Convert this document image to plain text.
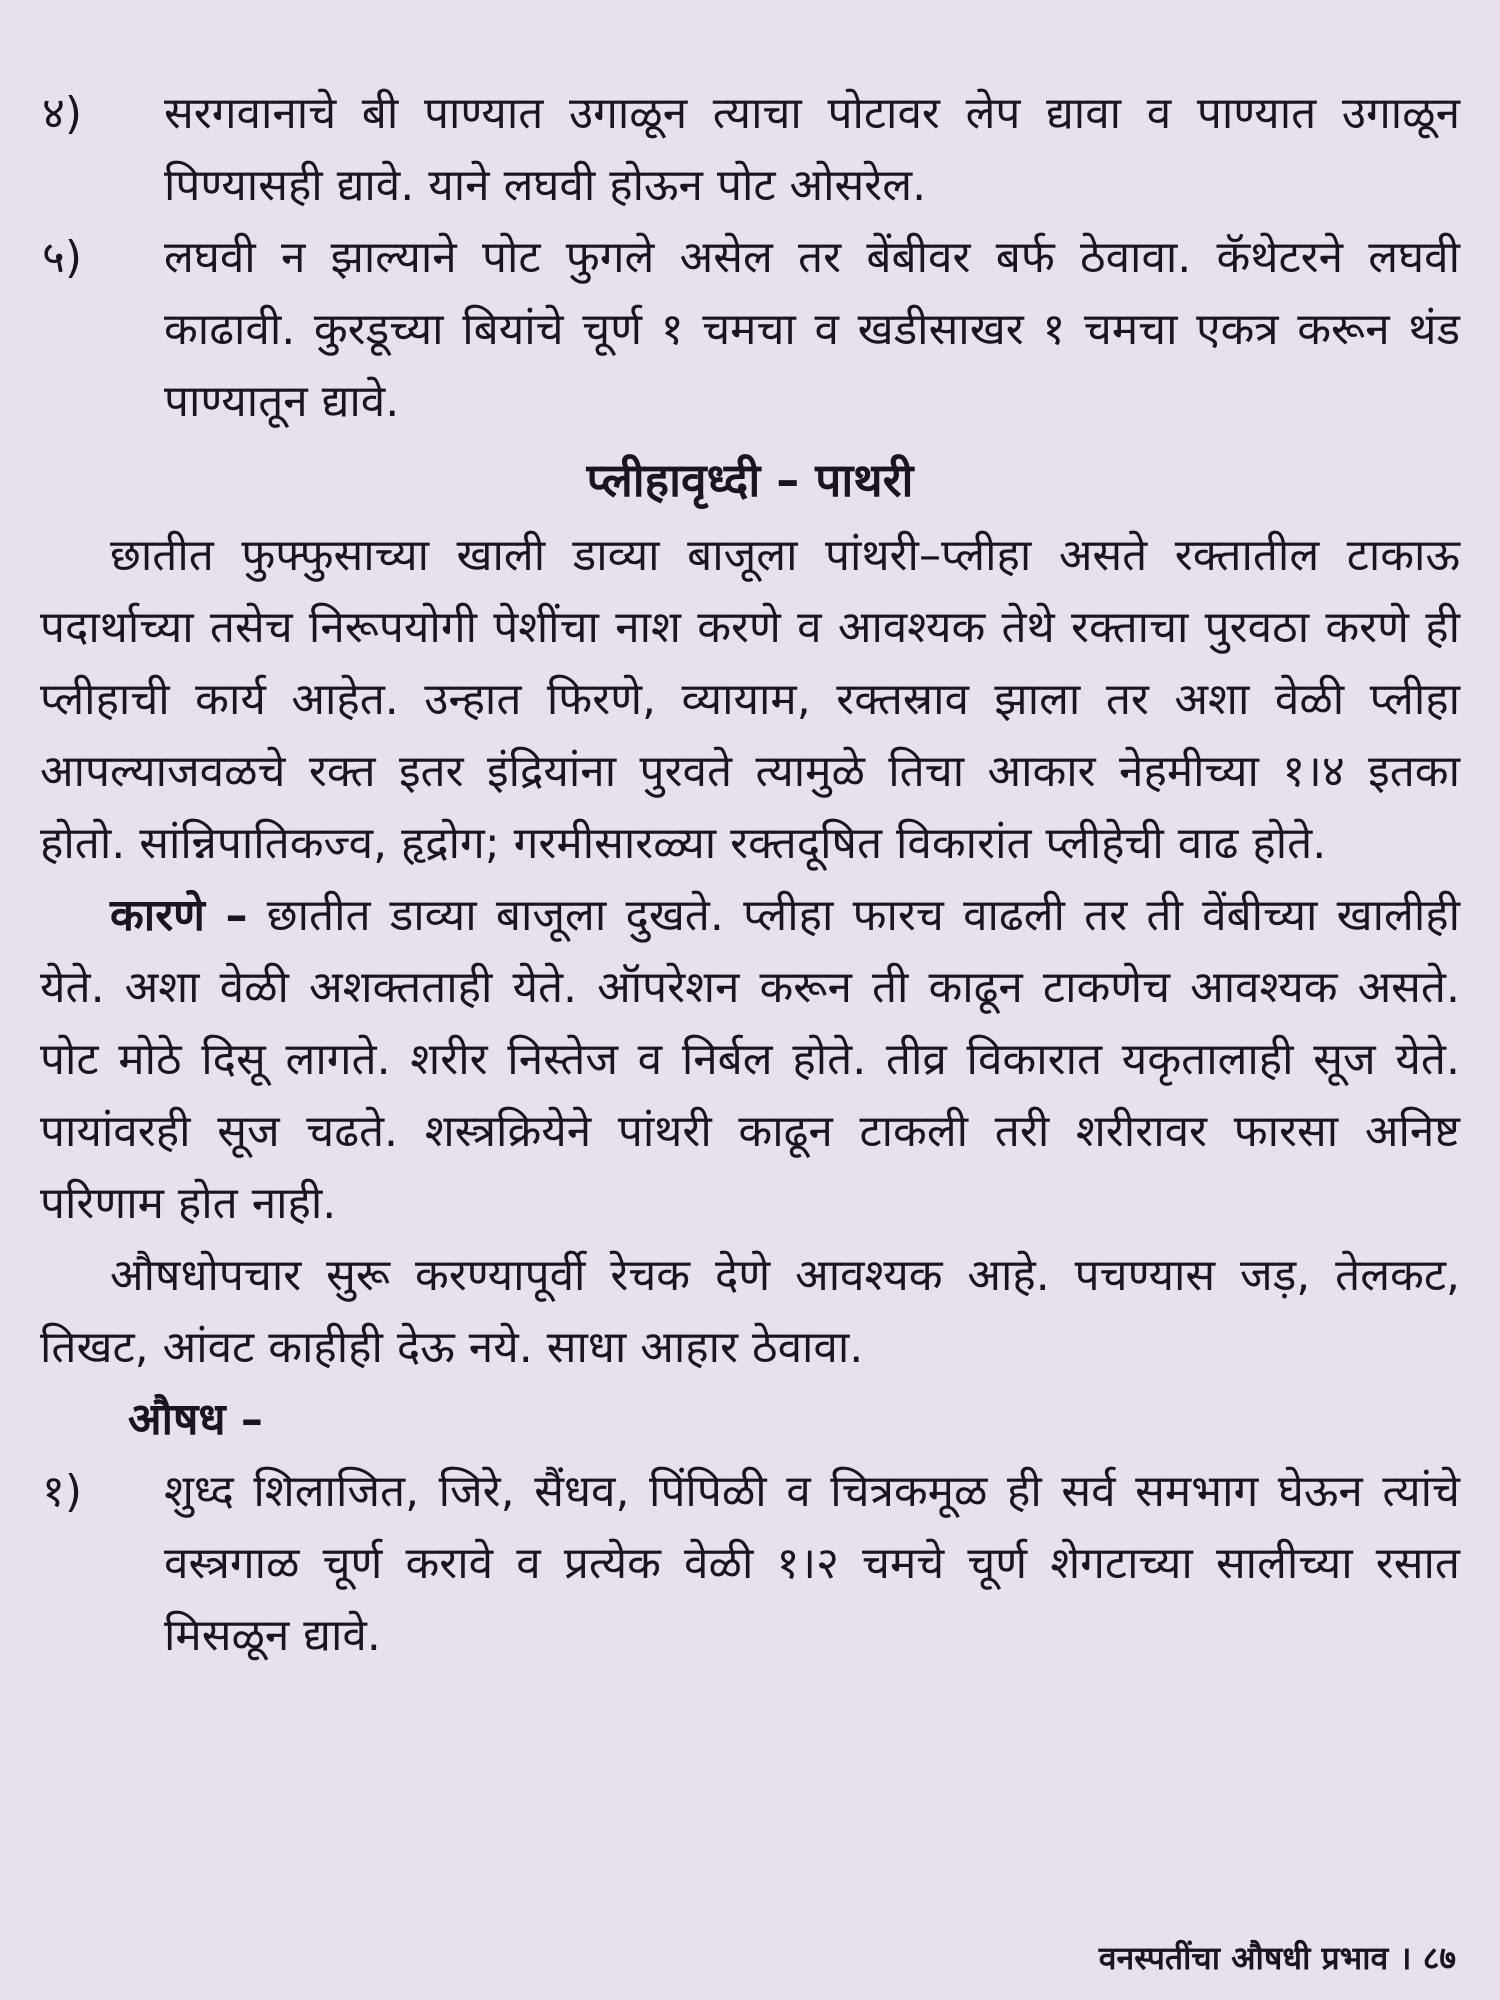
४)	सरगवानाचे बी पाण्यात उगाळून त्याचा पोटावर लेप द्यावा व पाण्यात उगाळून पिण्यासही द्यावे. याने लघवी होऊन पोट ओसरेल.
५)	लघवी न झाल्याने पोट फुगले असेल तर बेंबीवर बर्फ ठेवावा. कॅथेटरने लघवी काढावी. कुरडूच्या बियांचे चूर्ण १ चमचा व खडीसाखर १ चमचा एकत्र करून थंड पाण्यातून द्यावे.
प्लीहावृध्दी – पाथरी

छातीत फुफ्फुसाच्या खाली डाव्या बाजूला पांथरी–प्लीहा असते रक्तातील टाकाऊ पदार्थाच्या तसेच निरूपयोगी पेशींचा नाश करणे व आवश्यक तेथे रक्ताचा पुरवठा करणे ही प्लीहाची कार्य आहेत. उन्हात फिरणे, व्यायाम, रक्तस्राव झाला तर अशा वेळी प्लीहा आपल्याजवळचे रक्त इतर इंद्रियांना पुरवते त्यामुळे तिचा आकार नेहमीच्या १।४ इतका होतो. सांन्निपातिकज्व, हृद्रोग; गरमीसारळ्या रक्तदूषित विकारांत प्लीहेची वाढ होते.

कारणे – छातीत डाव्या बाजूला दुखते. प्लीहा फारच वाढली तर ती वेंबीच्या खालीही येते. अशा वेळी अशक्तताही येते. ऑपरेशन करून ती काढून टाकणेच आवश्यक असते. पोट मोठे दिसू लागते. शरीर निस्तेज व निर्बल होते. तीव्र विकारात यकृतालाही सूज येते. पायांवरही सूज चढते. शस्त्रक्रियेने पांथरी काढून टाकली तरी शरीरावर फारसा अनिष्ट परिणाम होत नाही.

औषधोपचार सुरू करण्यापूर्वी रेचक देणे आवश्यक आहे. पचण्यास जड़, तेलकट, तिखट, आंवट काहीही देऊ नये. साधा आहार ठेवावा.

औषध –
१)	शुध्द शिलाजित, जिरे, सैंधव, पिंपिळी व चित्रकमूळ ही सर्व समभाग घेऊन त्यांचे वस्त्रगाळ चूर्ण करावे व प्रत्येक वेळी १।२ चमचे चूर्ण शेगटाच्या सालीच्या रसात मिसळून द्यावे.
वनस्पतींचा औषधी प्रभाव । ८७
